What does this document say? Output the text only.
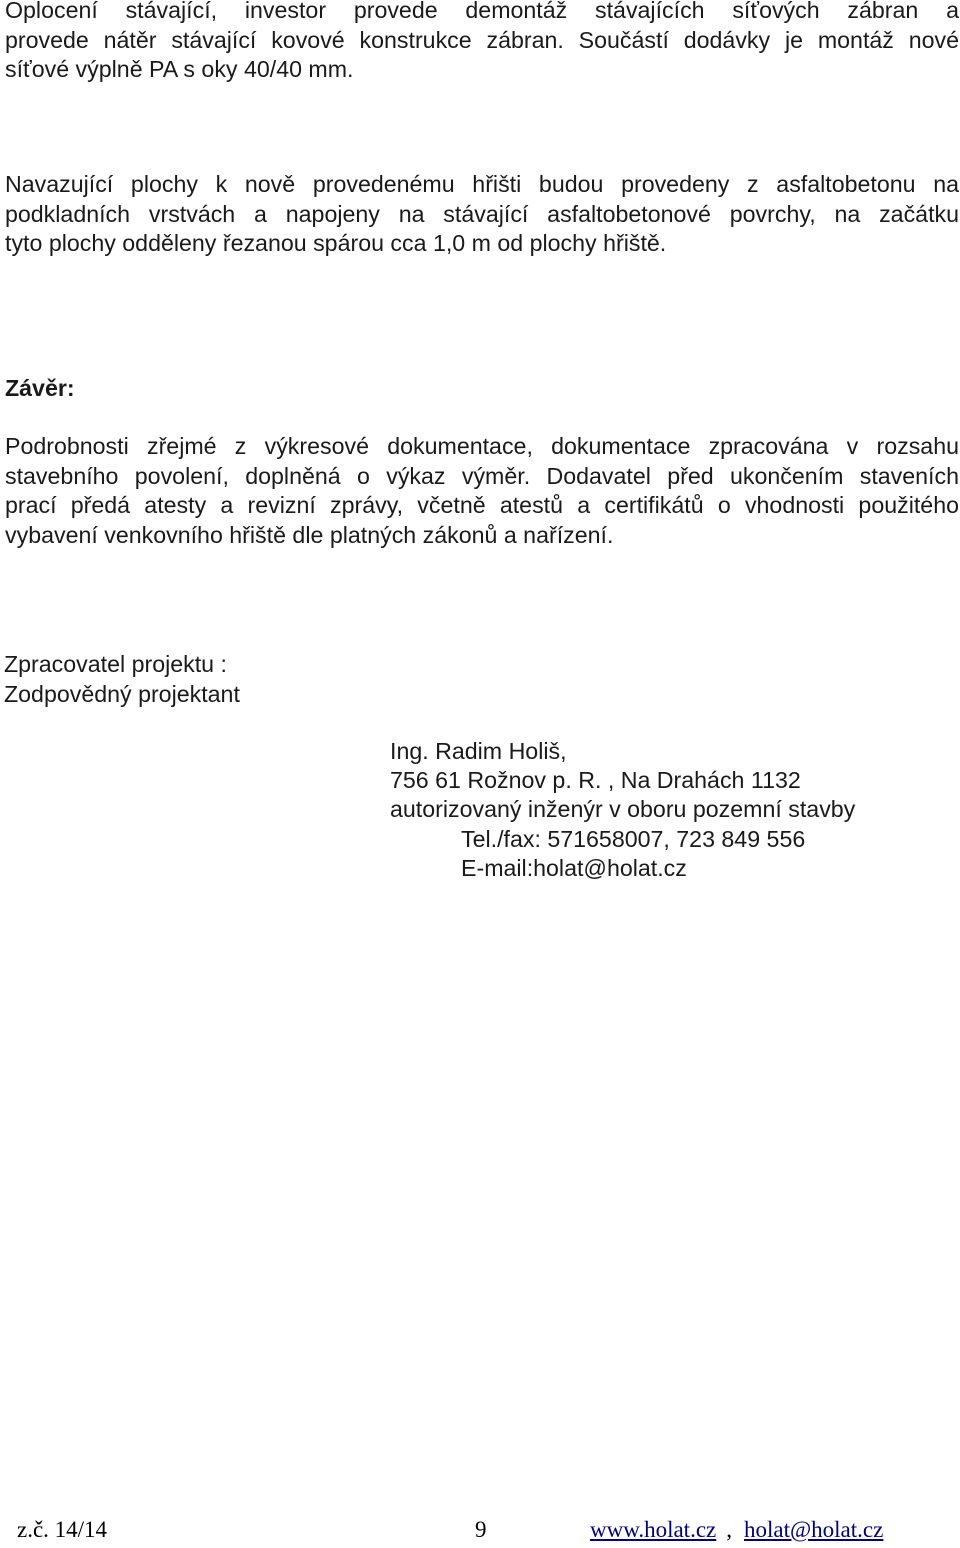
Oplocení stávající, investor provede demontáž stávajících síťových zábran a
provede nátěr stávající kovové konstrukce zábran. Součástí dodávky je montáž nové
síťové výplně PA s oky 40/40 mm.
Navazující plochy k nově provedenému hřišti budou provedeny z asfaltobetonu na
podkladních vrstvách a napojeny na stávající asfaltobetonové povrchy, na začátku
tyto plochy odděleny řezanou spárou cca 1,0 m od plochy hřiště.
Závěr:
Podrobnosti zřejmé z výkresové dokumentace, dokumentace zpracována v rozsahu
stavebního povolení, doplněná o výkaz výměr. Dodavatel před ukončením staveních
prací předá atesty a revizní zprávy, včetně atestů a certifikátů o vhodnosti použitého
vybavení venkovního hřiště dle platných zákonů a nařízení.
Zpracovatel projektu :
Zodpovědný projektant
Ing. Radim Holiš,
756 61 Rožnov p. R. , Na Drahách 1132
autorizovaný inženýr v oboru pozemní stavby
Tel./fax: 571658007, 723 849 556
E-mail:holat@holat.cz
z.č. 14/14	9	www.holat.cz , holat@holat.cz
